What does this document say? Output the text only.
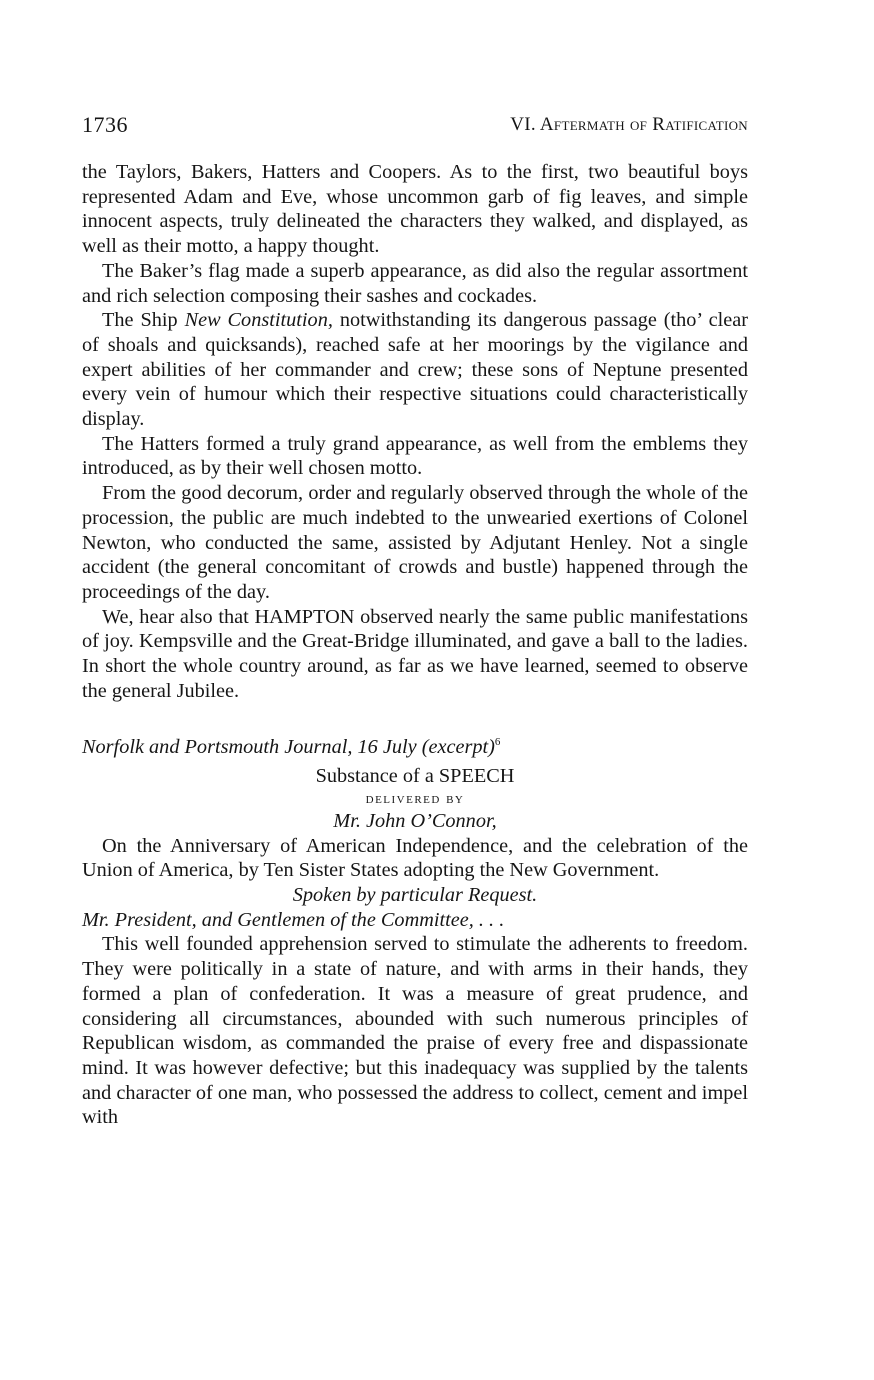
1736	VI. Aftermath of Ratification

the Taylors, Bakers, Hatters and Coopers. As to the first, two beautiful boys represented Adam and Eve, whose uncommon garb of fig leaves, and simple innocent aspects, truly delineated the characters they walked, and displayed, as well as their motto, a happy thought.

The Baker’s flag made a superb appearance, as did also the regular assortment and rich selection composing their sashes and cockades.

The Ship New Constitution, notwithstanding its dangerous passage (tho’ clear of shoals and quicksands), reached safe at her moorings by the vigilance and expert abilities of her commander and crew; these sons of Neptune presented every vein of humour which their respective situations could characteristically display.

The Hatters formed a truly grand appearance, as well from the emblems they introduced, as by their well chosen motto.

From the good decorum, order and regularly observed through the whole of the procession, the public are much indebted to the unwearied exertions of Colonel Newton, who conducted the same, assisted by Adjutant Henley. Not a single accident (the general concomitant of crowds and bustle) happened through the proceedings of the day.

We, hear also that HAMPTON observed nearly the same public manifestations of joy. Kempsville and the Great-Bridge illuminated, and gave a ball to the ladies. In short the whole country around, as far as we have learned, seemed to observe the general Jubilee.

Norfolk and Portsmouth Journal, 16 July (excerpt)$^6$

Substance of a SPEECH

delivered by

Mr. John O’Connor,

On the Anniversary of American Independence, and the celebration of the Union of America, by Ten Sister States adopting the New Government.

Spoken by particular Request.

Mr. President, and Gentlemen of the Committee, . . .

This well founded apprehension served to stimulate the adherents to freedom. They were politically in a state of nature, and with arms in their hands, they formed a plan of confederation. It was a measure of great prudence, and considering all circumstances, abounded with such numerous principles of Republican wisdom, as commanded the praise of every free and dispassionate mind. It was however defective; but this inadequacy was supplied by the talents and character of one man, who possessed the address to collect, cement and impel with
